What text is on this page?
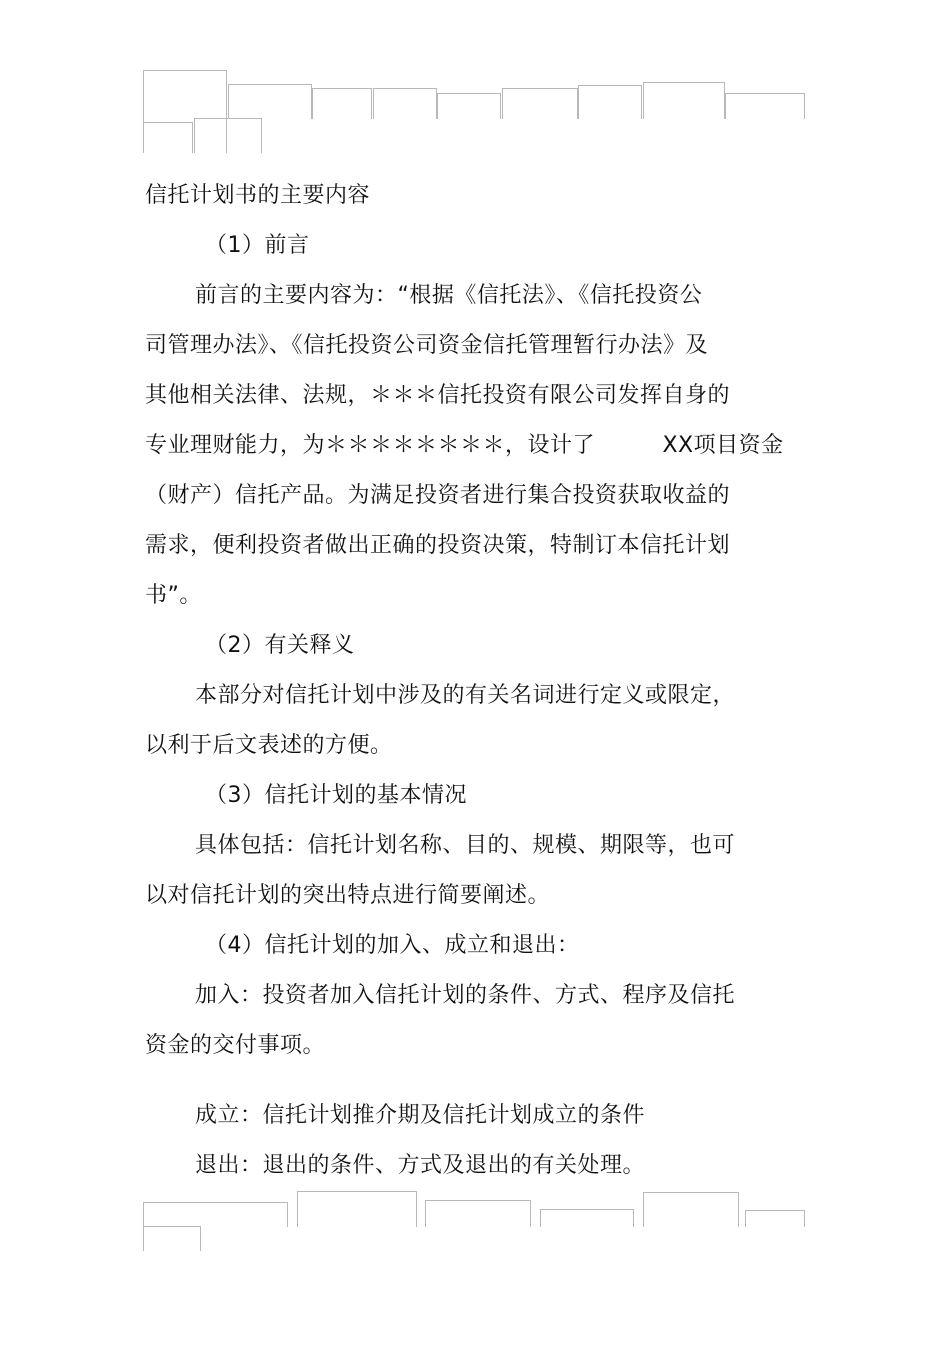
信托计划书的主要内容
（1）前言
前言的主要内容为：“根据《信托法》、《信托投资公
司管理办法》、《信托投资公司资金信托管理暂行办法》及
其他相关法律、法规，＊＊＊信托投资有限公司发挥自身的
专业理财能力，为＊＊＊＊＊＊＊＊，设计了         XX项目资金
（财产）信托产品。为满足投资者进行集合投资获取收益的
需求，便利投资者做出正确的投资决策，特制订本信托计划
书”。
（2）有关释义
本部分对信托计划中涉及的有关名词进行定义或限定，
以利于后文表述的方便。
（3）信托计划的基本情况
具体包括：信托计划名称、目的、规模、期限等，也可
以对信托计划的突出特点进行简要阐述。
（4）信托计划的加入、成立和退出：
加入：投资者加入信托计划的条件、方式、程序及信托
资金的交付事项。
成立：信托计划推介期及信托计划成立的条件
退出：退出的条件、方式及退出的有关处理。
